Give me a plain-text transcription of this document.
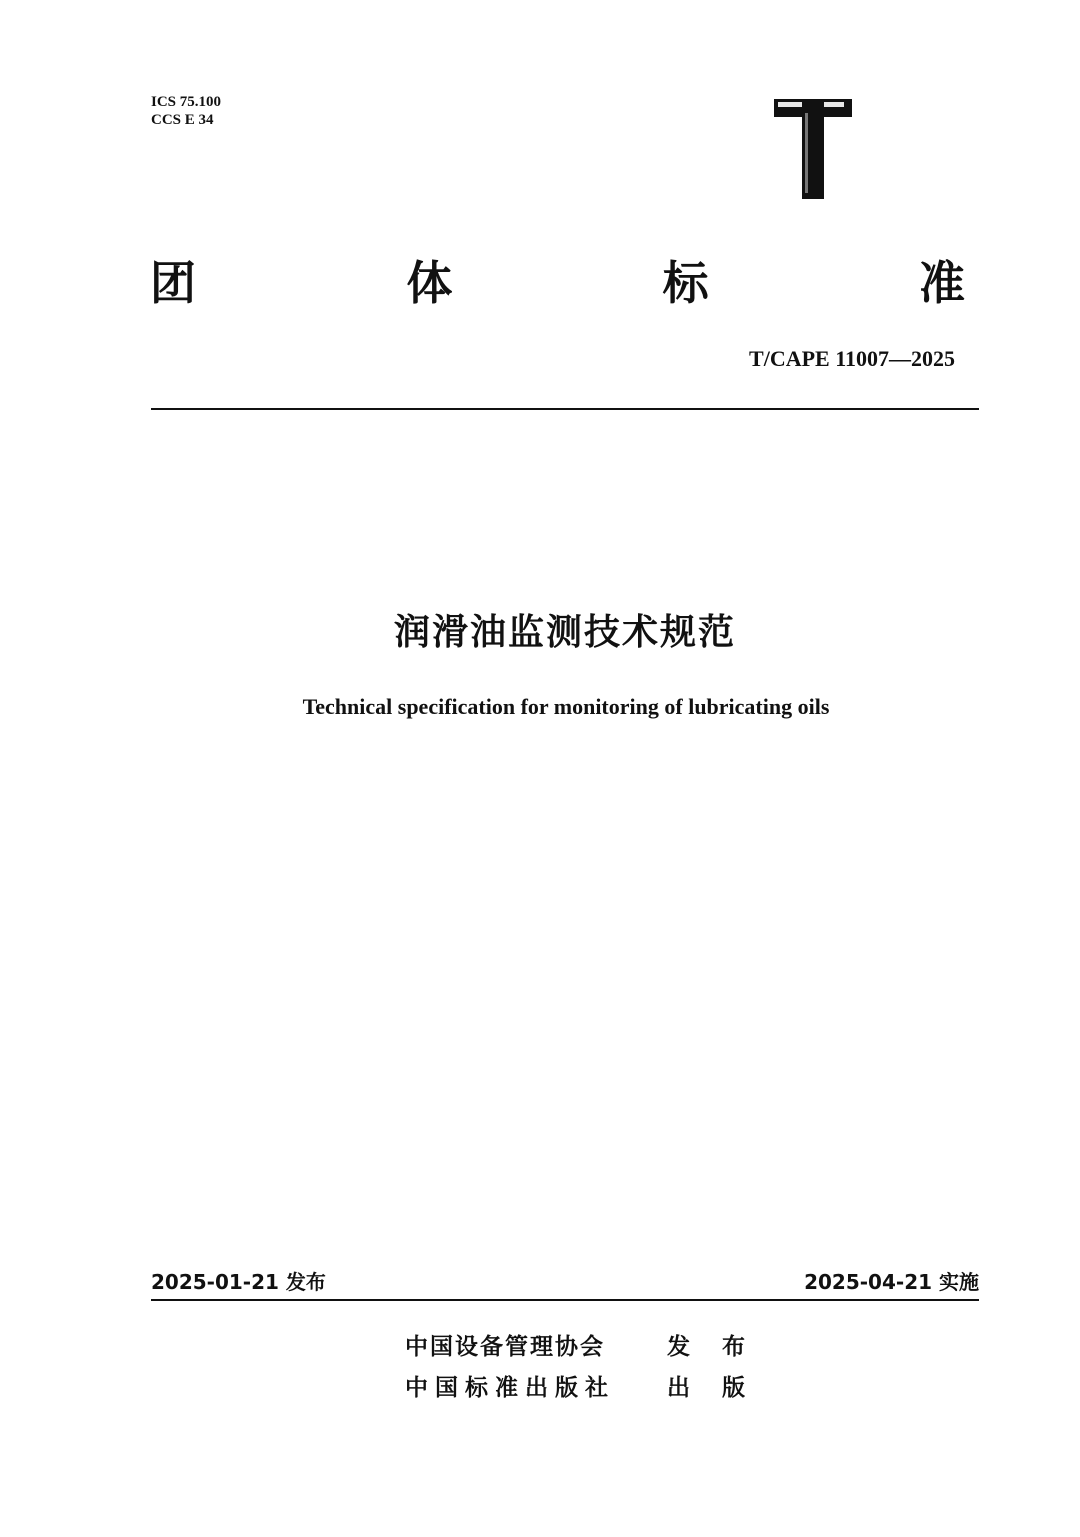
ICS 75.100
CCS E 34
团	体	标	准
T/CAPE 11007—2025
润滑油监测技术规范
Technical specification for monitoring of lubricating oils
2025-01-21 发布	2025-04-21 实施
中国设备管理协会	发 布
中国标准出版社	出 版
